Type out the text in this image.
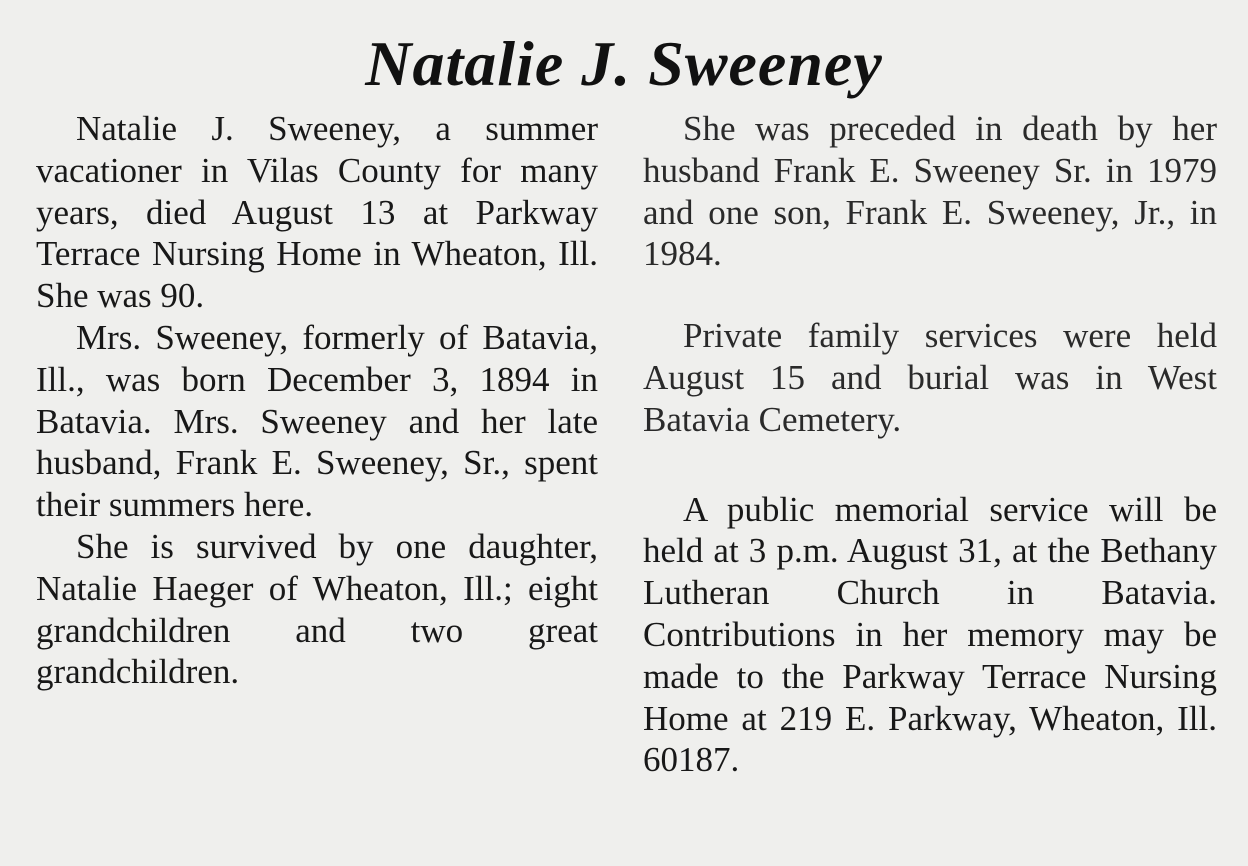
Natalie J. Sweeney

Natalie J. Sweeney, a summer vacationer in Vilas County for many years, died August 13 at Parkway Terrace Nursing Home in Wheaton, Ill. She was 90.

Mrs. Sweeney, formerly of Batavia, Ill., was born December 3, 1894 in Batavia. Mrs. Sweeney and her late husband, Frank E. Sweeney, Sr., spent their summers here.

She is survived by one daughter, Natalie Haeger of Wheaton, Ill.; eight grandchildren and two great grandchildren.

She was preceded in death by her husband Frank E. Sweeney Sr. in 1979 and one son, Frank E. Sweeney, Jr., in 1984.

Private family services were held August 15 and burial was in West Batavia Cemetery.

A public memorial service will be held at 3 p.m. August 31, at the Bethany Lutheran Church in Batavia. Contributions in her memory may be made to the Parkway Terrace Nursing Home at 219 E. Parkway, Wheaton, Ill. 60187.
